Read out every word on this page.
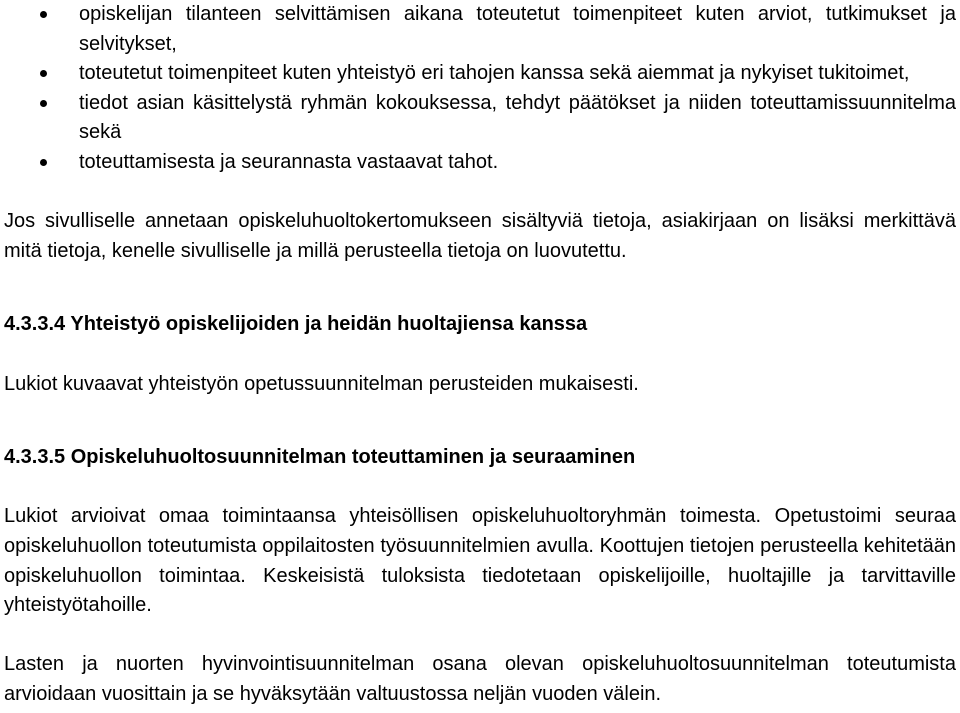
opiskelijan tilanteen selvittämisen aikana toteutetut toimenpiteet kuten arviot, tutkimukset ja selvitykset,
toteutetut toimenpiteet kuten yhteistyö eri tahojen kanssa sekä aiemmat ja nykyiset tukitoimet,
tiedot asian käsittelystä ryhmän kokouksessa, tehdyt päätökset ja niiden toteuttamissuunnitelma sekä
toteuttamisesta ja seurannasta vastaavat tahot.

Jos sivulliselle annetaan opiskeluhuoltokertomukseen sisältyviä tietoja, asiakirjaan on lisäksi merkittävä mitä tietoja, kenelle sivulliselle ja millä perusteella tietoja on luovutettu.

4.3.3.4 Yhteistyö opiskelijoiden ja heidän huoltajiensa kanssa

Lukiot kuvaavat yhteistyön opetussuunnitelman perusteiden mukaisesti.

4.3.3.5 Opiskeluhuoltosuunnitelman toteuttaminen ja seuraaminen

Lukiot arvioivat omaa toimintaansa yhteisöllisen opiskeluhuoltoryhmän toimesta. Opetustoimi seuraa opiskeluhuollon toteutumista oppilaitosten työsuunnitelmien avulla. Koottujen tietojen perusteella kehitetään opiskeluhuollon toimintaa. Keskeisistä tuloksista tiedotetaan opiskelijoille, huoltajille ja tarvittaville yhteistyötahoille.

Lasten ja nuorten hyvinvointisuunnitelman osana olevan opiskeluhuoltosuunnitelman toteutumista arvioidaan vuosittain ja se hyväksytään valtuustossa neljän vuoden välein.
